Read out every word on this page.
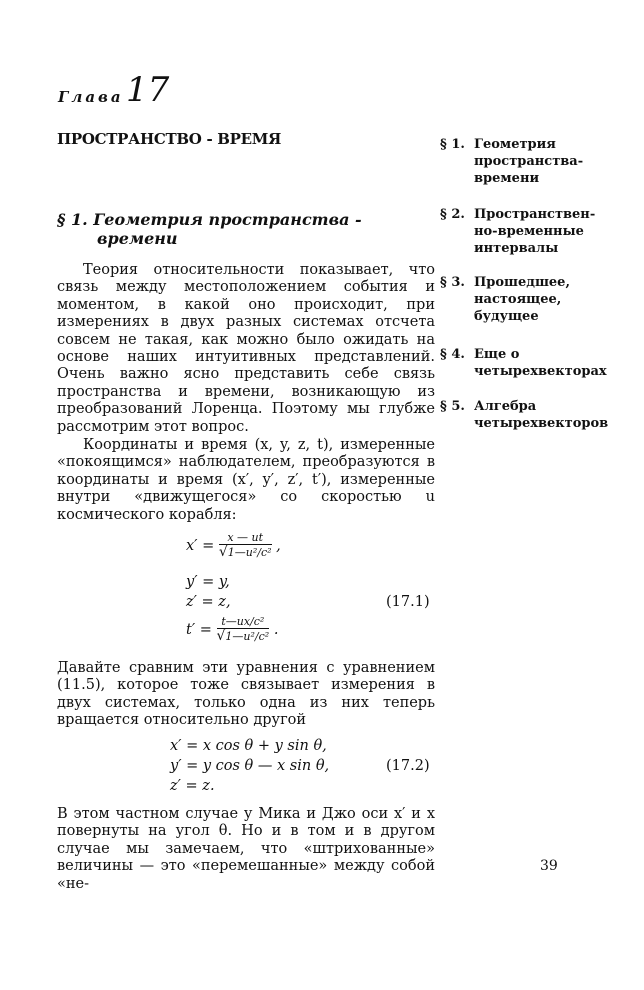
Глава 17
ПРОСТРАНСТВО - ВРЕМЯ
§ 1. Геометрия пространства -
времени
§ 1. Геометрия
пространства-
времени
§ 2. Пространствен-
но-временные
интервалы
§ 3. Прошедшее,
настоящее,
будущее
§ 4. Еще о
четырехвекторах
§ 5. Алгебра
четырехвекторов

Теория относительности показывает, что связь между местоположением события и моментом, в какой оно происходит, при измерениях в двух разных системах отсчета совсем не такая, как можно было ожидать на основе наших интуитивных представлений. Очень важно ясно представить себе связь пространства и времени, возникающую из преобразований Лоренца. Поэтому мы глубже рассмотрим этот вопрос.

Координаты и время (x, y, z, t), измеренные «покоящимся» наблюдателем, преобразуются в координаты и время (x′, y′, z′, t′), измеренные внутри «движущегося» со скоростью u космического корабля:

$x' = \frac{x — ut}{\text{√1—u²/c²}}$ ,
y′ = y,
z′ = z,	(17.1)
$t' = \frac{\text{t—ux/c²}}{\text{√1—u²/c²}}$ .

Давайте сравним эти уравнения с уравнением (11.5), которое тоже связывает измерения в двух системах, только одна из них теперь вращается относительно другой

x′ = x cos θ + y sin θ,
y′ = y cos θ — x sin θ,	(17.2)
z′ = z.

В этом частном случае у Мика и Джо оси x′ и x повернуты на угол θ. Но и в том и в другом случае мы замечаем, что «штрихованные» величины — это «перемешанные» между собой «не-

39
